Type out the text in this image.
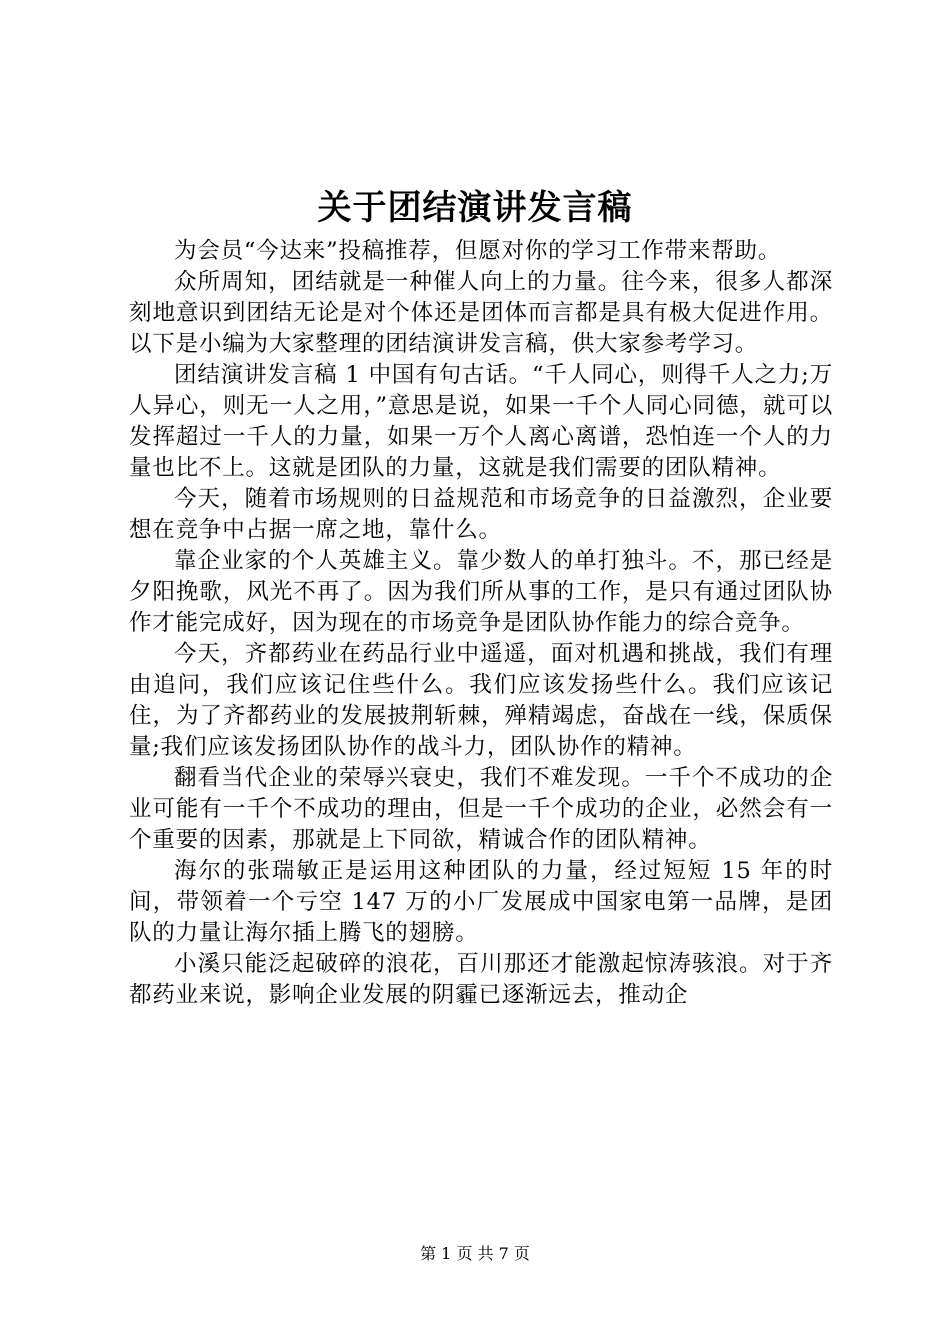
关于团结演讲发言稿

为会员“今达来”投稿推荐，但愿对你的学习工作带来帮助。

众所周知，团结就是一种催人向上的力量。往今来，很多人都深刻地意识到团结无论是对个体还是团体而言都是具有极大促进作用。以下是小编为大家整理的团结演讲发言稿，供大家参考学习。

团结演讲发言稿 1 中国有句古话。“千人同心，则得千人之力;万人异心，则无一人之用，”意思是说，如果一千个人同心同德，就可以发挥超过一千人的力量，如果一万个人离心离谱，恐怕连一个人的力量也比不上。这就是团队的力量，这就是我们需要的团队精神。

今天，随着市场规则的日益规范和市场竞争的日益激烈，企业要想在竞争中占据一席之地，靠什么。

靠企业家的个人英雄主义。靠少数人的单打独斗。不，那已经是夕阳挽歌，风光不再了。因为我们所从事的工作，是只有通过团队协作才能完成好，因为现在的市场竞争是团队协作能力的综合竞争。

今天，齐都药业在药品行业中遥遥，面对机遇和挑战，我们有理由追问，我们应该记住些什么。我们应该发扬些什么。我们应该记住，为了齐都药业的发展披荆斩棘，殚精竭虑，奋战在一线，保质保量;我们应该发扬团队协作的战斗力，团队协作的精神。

翻看当代企业的荣辱兴衰史，我们不难发现。一千个不成功的企业可能有一千个不成功的理由，但是一千个成功的企业，必然会有一个重要的因素，那就是上下同欲，精诚合作的团队精神。

海尔的张瑞敏正是运用这种团队的力量，经过短短 15 年的时间，带领着一个亏空 147 万的小厂发展成中国家电第一品牌，是团队的力量让海尔插上腾飞的翅膀。

小溪只能泛起破碎的浪花，百川那还才能激起惊涛骇浪。对于齐都药业来说，影响企业发展的阴霾已逐渐远去，推动企

第 1 页 共 7 页
